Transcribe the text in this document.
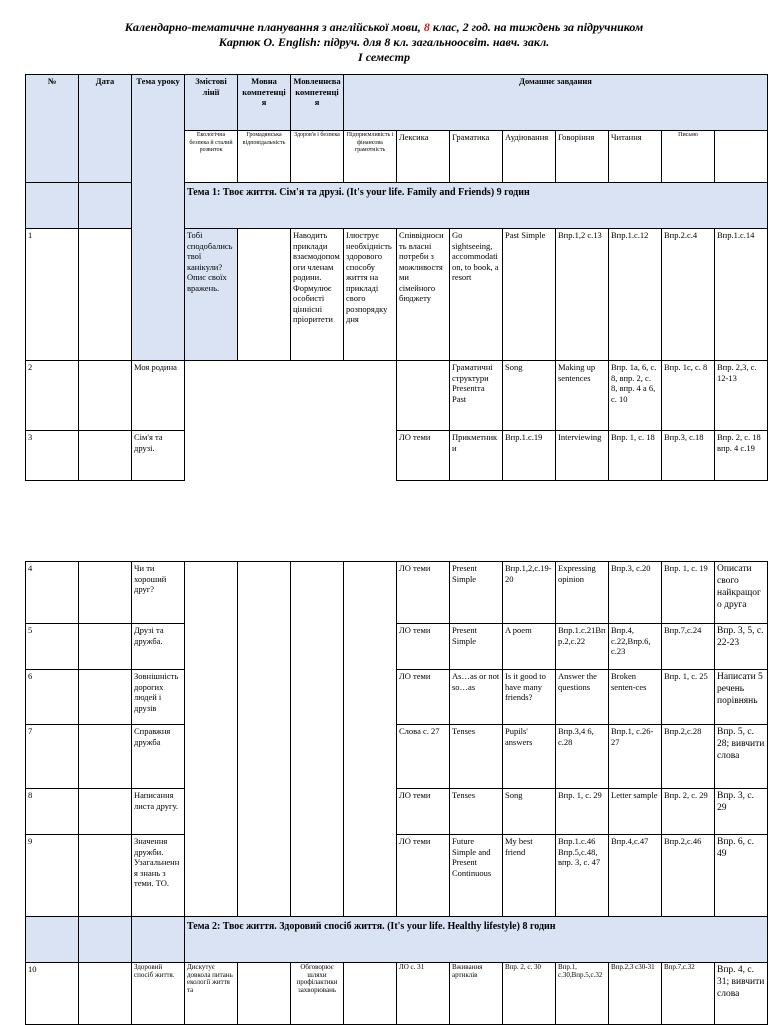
Календарно-тематичне планування з англійської мови, 8 клас, 2 год. на тиждень за підручником
Карпюк О. English: підруч. для 8 кл. загальноосвіт. навч. закл.
I семестр
№	Дата	Тема уроку	Змістові лінії	Мовна компетенція	Мовленнєва компетенція	Домашнє завдання								
			Екологічна безпека й сталий розвиток	Громадянська відповідальність	Здоров'я і безпека	Підприємливість і фінансова грамотність	Лексика	Граматика	Аудіювання	Говоріння	Читання	Письмо		
			Тема 1: Твоє життя. Сім'я та друзі. (It's your life. Family and Friends) 9 годин											
1			Тобі сподобались твої канікули? Опис своїх вражень.		Наводить приклади взаємодопомоги членам родини. Формулює особисті ціннісні пріоритети	Ілюструє необхідність здорового способу життя на прикладі свого розпорядку дня	Співвідносить власні потреби з можливостями сімейного бюджету	Go sightseeing, accommodation, to book, a resort	Past Simple	Впр.1,2 с.13	Впр.1.с.12	Впр.2.с.4	Впр.1.с.14	
2		Моя родина						Граматичні структури Presentта Past	Song	Making up sentences	Впр. 1a, 6, с. 8, впр. 2, с. 8, впр. 4 а 6, с. 10	Впр. 1c, с. 8	Впр. 2,3, с. 12-13	
3		Сім'я та друзі.					ЛО теми	Прикметники	Впр.1.с.19	Interviewing	Впр. 1, с. 18	Впр.3, с.18	Впр. 2, с. 18 впр. 4 с.19	
4		Чи ти хороший друг?					ЛО теми	Present Simple	Впр.1,2,с.19-20	Expressing opinion	Впр.3, с.20	Впр. 1, с. 19	Описати свого найкращого друга
5		Друзі та дружба.					ЛО теми	Present Simple	A poem	Впр.1.с.21Впр.2,с.22	Впр.4, с.22,Впр.6, с.23	Впр.7,с.24	Впр. 3, 5, с. 22-23
6		Зовнішність дорогих людей і друзів					ЛО теми	As…as or not so…as	Is it good to have many friends?	Answer the questions	Broken senten-ces	Впр. 1, с. 25	Написати 5 речень порівнянь
7		Справжня дружба					Слова с. 27	Tenses	Pupils' answers	Впр.3,4 6, с.28	Впр.1, с.26-27	Впр.2,с.28	Впр. 5, с. 28; вивчити слова
8		Написання листа другу.					ЛО теми	Tenses	Song	Впр. 1, с. 29	Letter sample	Впр. 2, с. 29	Впр. 3, с. 29
9		Значення дружби. Узагальнення знань з теми. ТО.					ЛО теми	Future Simple and Present Continuous	My best friend	Впр.1.с.46 Впр.5,с.48, впр. 3, с. 47	Впр.4,с.47	Впр.2,с.46	Впр. 6, с. 49
			Тема 2: Твоє життя. Здоровий спосіб життя. (It's your life. Healthy lifestyle) 8 годин										
10		Здоровий спосіб життя.	Дискутує довкола питань екології життя та		Обговорює шляхи профілактики захворювань		ЛО с. 31	Вживання артиклів	Впр. 2, с. 30	Впр.1, с.30,Впр.5,с.32	Впр.2,3 с30-31	Впр.7,с.32	Впр. 4, с. 31; вивчити слова
